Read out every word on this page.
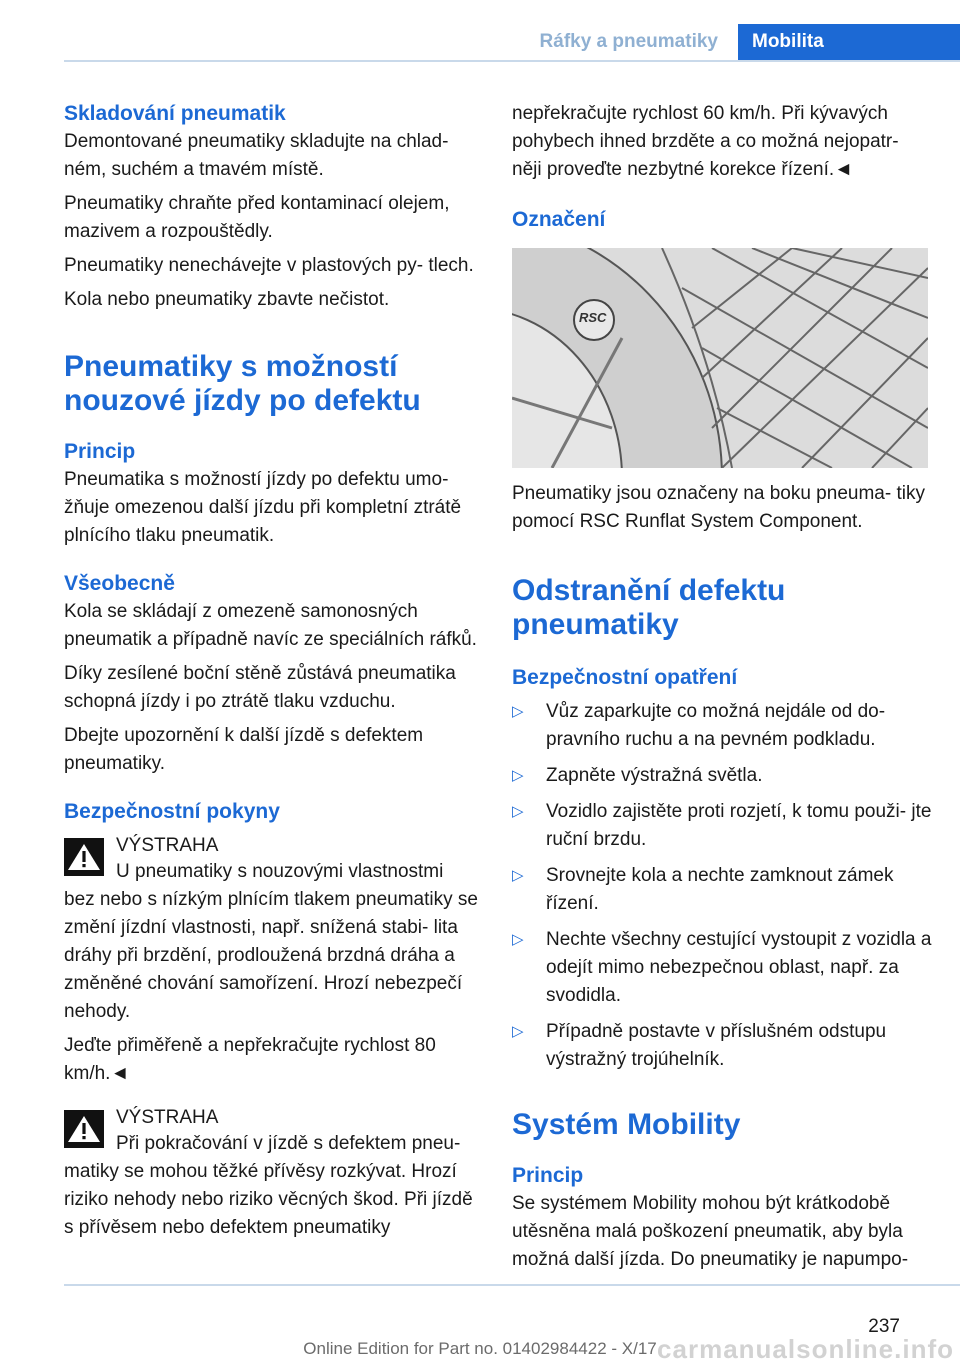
Ráfky a pneumatiky	Mobilita
Skladování pneumatik

Demontované pneumatiky skladujte na chlad‐ ném, suchém a tmavém místě.

Pneumatiky chraňte před kontaminací olejem, mazivem a rozpouštědly.

Pneumatiky nenechávejte v plastových py‐ tlech.

Kola nebo pneumatiky zbavte nečistot.

Pneumatiky s možností nouzové jízdy po defektu
Princip

Pneumatika s možností jízdy po defektu umo‐ žňuje omezenou další jízdu při kompletní ztrátě plnícího tlaku pneumatik.

Všeobecně

Kola se skládají z omezeně samonosných pneumatik a případně navíc ze speciálních ráfků.

Díky zesílené boční stěně zůstává pneumatika schopná jízdy i po ztrátě tlaku vzduchu.

Dbejte upozornění k další jízdě s defektem pneumatiky.

Bezpečnostní pokyny

VÝSTRAHA

U pneumatiky s nouzovými vlastnostmi bez nebo s nízkým plnícím tlakem pneumatiky se změní jízdní vlastnosti, např. snížená stabi‐ lita dráhy při brzdění, prodloužená brzdná dráha a změněné chování samořízení. Hrozí nebezpečí nehody.

Jeďte přiměřeně a nepřekračujte rychlost 80 km/h.◄

VÝSTRAHA

Při pokračování v jízdě s defektem pneu‐ matiky se mohou těžké přívěsy rozkývat. Hrozí riziko nehody nebo riziko věcných škod. Při jízdě s přívěsem nebo defektem pneumatiky

nepřekračujte rychlost 60 km/h. Při kývavých pohybech ihned brzděte a co možná nejopatr‐ něji proveďte nezbytné korekce řízení.◄

Označení
RSC

Pneumatiky jsou označeny na boku pneuma‐ tiky pomocí RSC Runflat System Component.

Odstranění defektu pneumatiky
Bezpečnostní opatření
▷ Vůz zaparkujte co možná nejdále od do‐ pravního ruchu a na pevném podkladu.
▷ Zapněte výstražná světla.
▷ Vozidlo zajistěte proti rozjetí, k tomu použi‐ jte ruční brzdu.
▷ Srovnejte kola a nechte zamknout zámek řízení.
▷ Nechte všechny cestující vystoupit z vozidla a odejít mimo nebezpečnou oblast, např. za svodidla.
▷ Případně postavte v příslušném odstupu výstražný trojúhelník.
Systém Mobility
Princip

Se systémem Mobility mohou být krátkodobě utěsněna malá poškození pneumatik, aby byla možná další jízda. Do pneumatiky je napumpo‐

237
Online Edition for Part no. 01402984422 - X/17 carmanualsonline.info
